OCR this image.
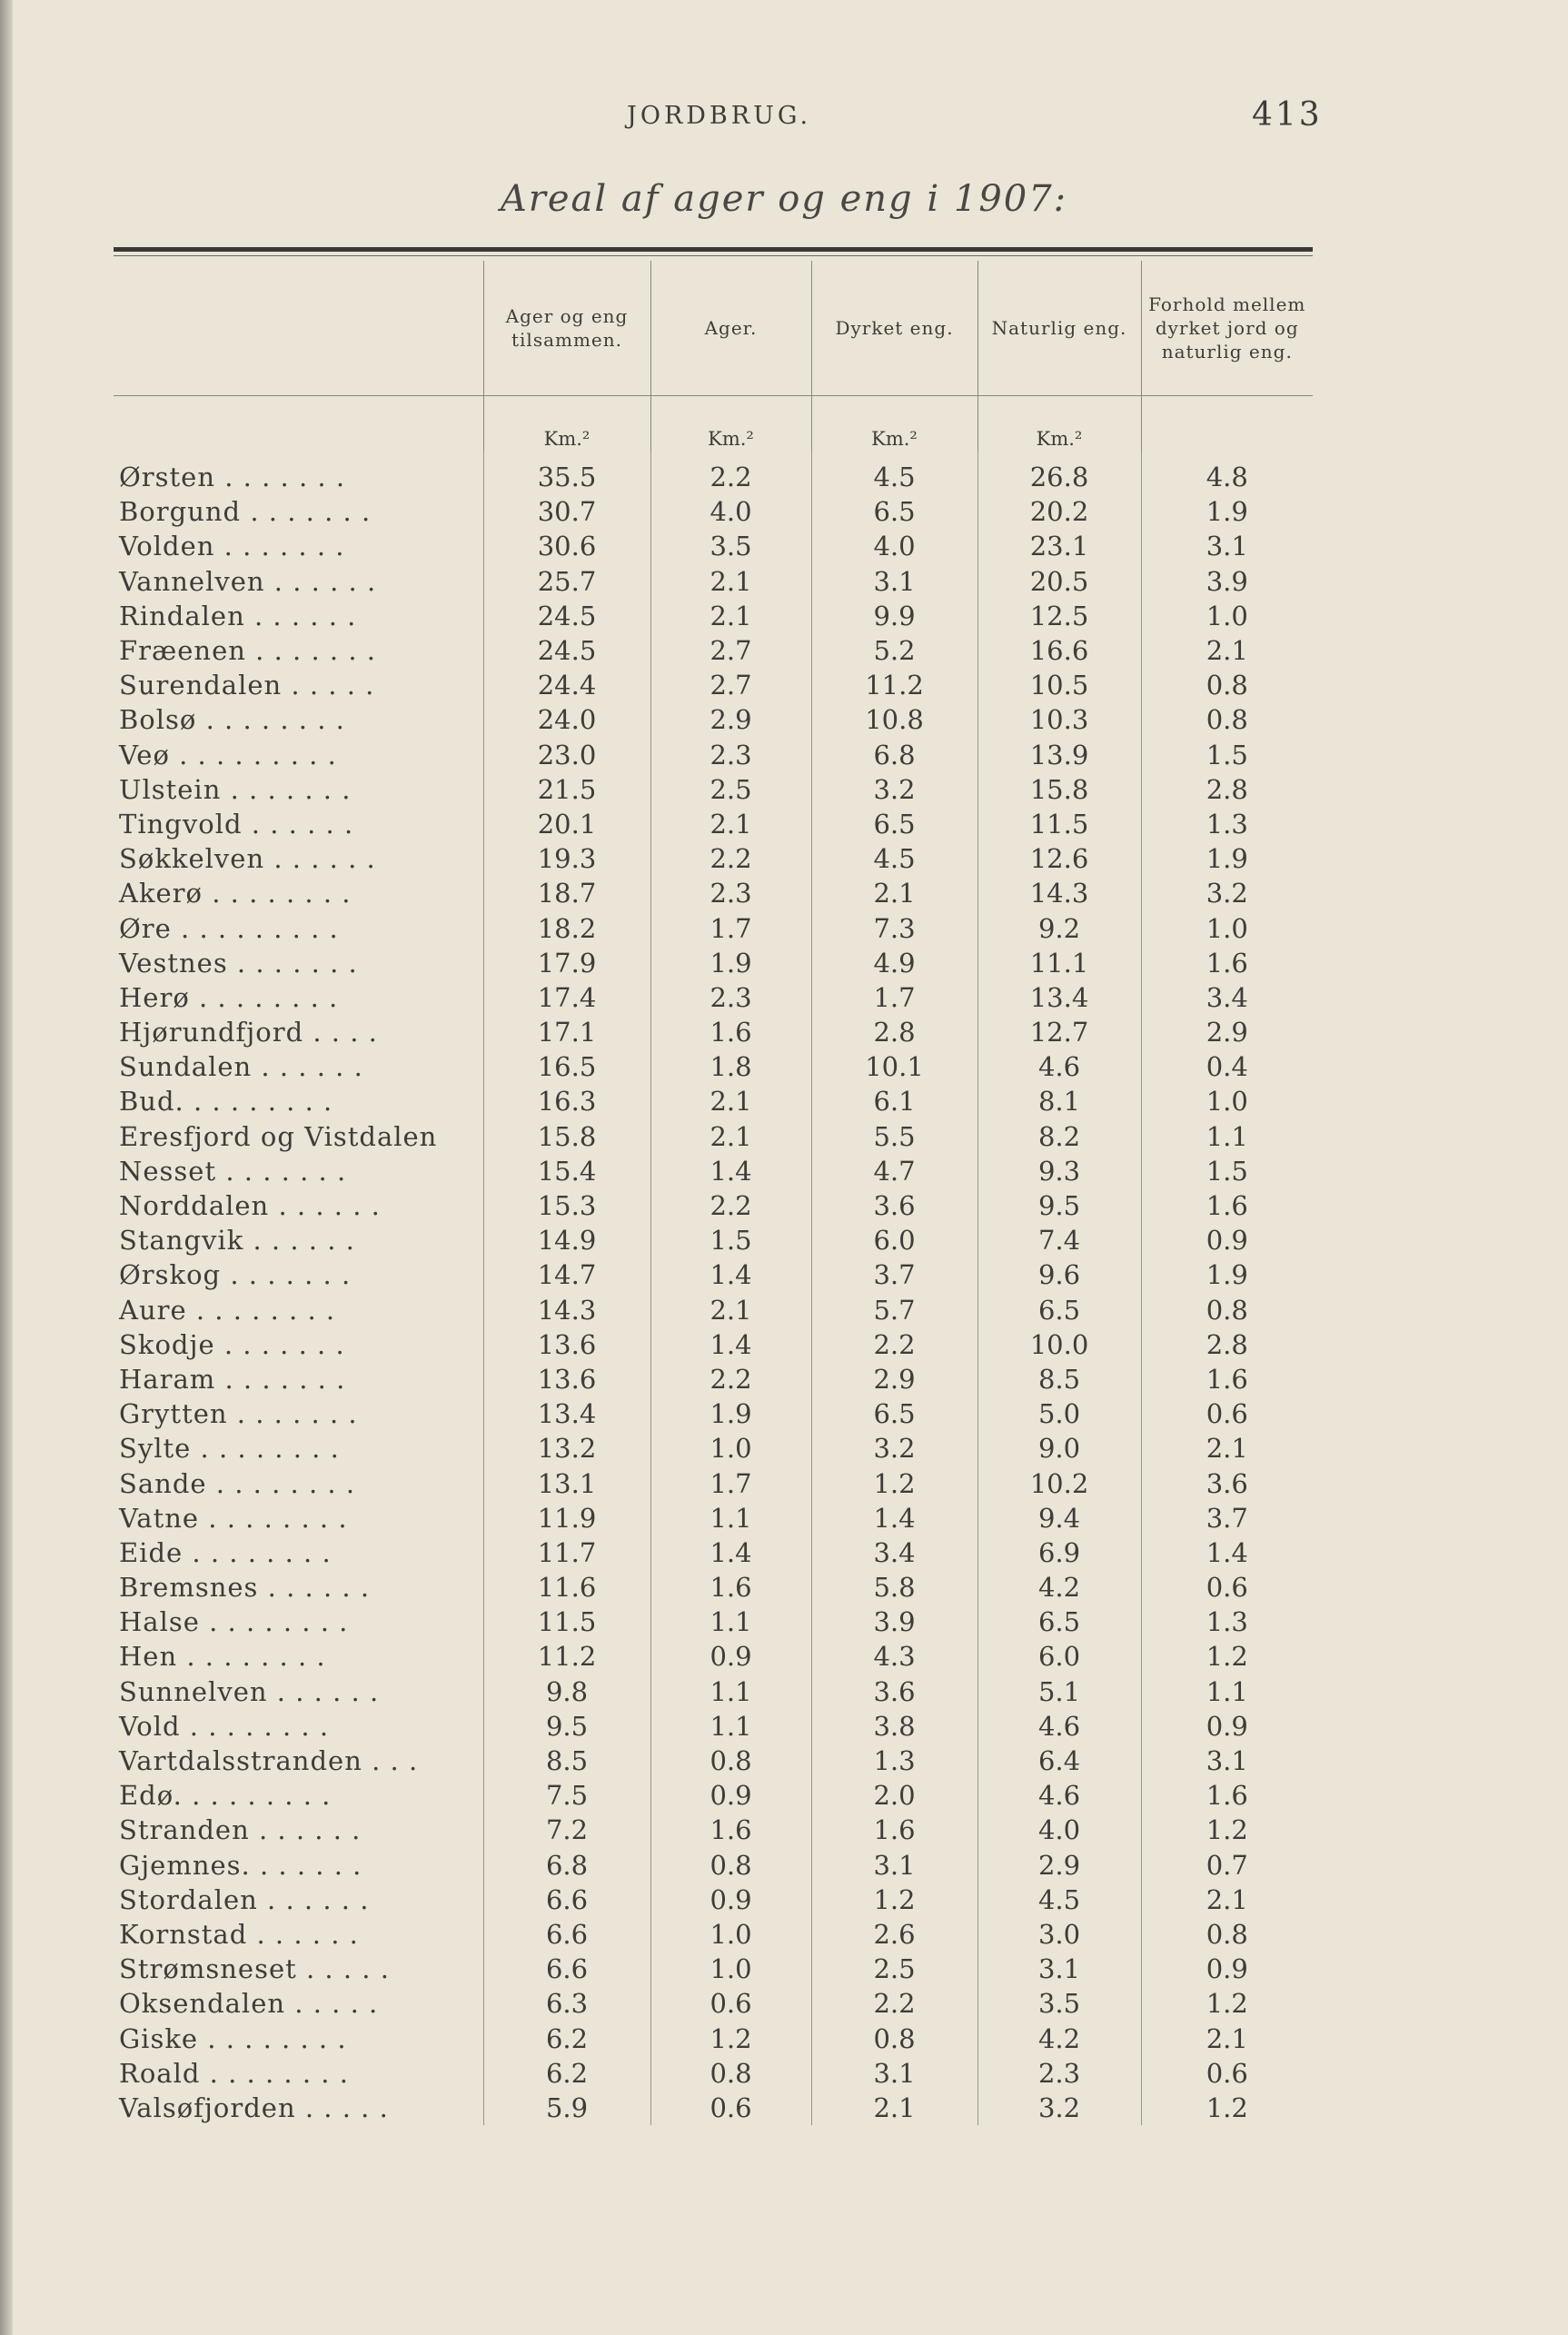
JORDBRUG.	413
Areal af ager og eng i 1907:
	Ager og eng tilsammen.	Ager.	Dyrket eng.	Naturlig eng.	Forhold mellem dyrket jord og naturlig eng.
	Km.²	Km.²	Km.²	Km.²	

Ørsten . . . . . . .	35.5	2.2	4.5	26.8	4.8
Borgund . . . . . . .	30.7	4.0	6.5	20.2	1.9
Volden . . . . . . .	30.6	3.5	4.0	23.1	3.1
Vannelven . . . . . .	25.7	2.1	3.1	20.5	3.9
Rindalen . . . . . .	24.5	2.1	9.9	12.5	1.0
Fræenen . . . . . . .	24.5	2.7	5.2	16.6	2.1
Surendalen . . . . .	24.4	2.7	11.2	10.5	0.8
Bolsø . . . . . . . .	24.0	2.9	10.8	10.3	0.8
Veø . . . . . . . . .	23.0	2.3	6.8	13.9	1.5
Ulstein . . . . . . .	21.5	2.5	3.2	15.8	2.8
Tingvold . . . . . .	20.1	2.1	6.5	11.5	1.3
Søkkelven . . . . . .	19.3	2.2	4.5	12.6	1.9
Akerø . . . . . . . .	18.7	2.3	2.1	14.3	3.2
Øre . . . . . . . . .	18.2	1.7	7.3	9.2	1.0
Vestnes . . . . . . .	17.9	1.9	4.9	11.1	1.6
Herø . . . . . . . .	17.4	2.3	1.7	13.4	3.4
Hjørundfjord . . . .	17.1	1.6	2.8	12.7	2.9
Sundalen . . . . . .	16.5	1.8	10.1	4.6	0.4
Bud. . . . . . . . .	16.3	2.1	6.1	8.1	1.0
Eresfjord og Vistdalen	15.8	2.1	5.5	8.2	1.1
Nesset . . . . . . .	15.4	1.4	4.7	9.3	1.5
Norddalen . . . . . .	15.3	2.2	3.6	9.5	1.6
Stangvik . . . . . .	14.9	1.5	6.0	7.4	0.9
Ørskog . . . . . . .	14.7	1.4	3.7	9.6	1.9
Aure . . . . . . . .	14.3	2.1	5.7	6.5	0.8
Skodje . . . . . . .	13.6	1.4	2.2	10.0	2.8
Haram . . . . . . .	13.6	2.2	2.9	8.5	1.6
Grytten . . . . . . .	13.4	1.9	6.5	5.0	0.6
Sylte . . . . . . . .	13.2	1.0	3.2	9.0	2.1
Sande . . . . . . . .	13.1	1.7	1.2	10.2	3.6
Vatne . . . . . . . .	11.9	1.1	1.4	9.4	3.7
Eide . . . . . . . .	11.7	1.4	3.4	6.9	1.4
Bremsnes . . . . . .	11.6	1.6	5.8	4.2	0.6
Halse . . . . . . . .	11.5	1.1	3.9	6.5	1.3
Hen . . . . . . . .	11.2	0.9	4.3	6.0	1.2
Sunnelven . . . . . .	9.8	1.1	3.6	5.1	1.1
Vold . . . . . . . .	9.5	1.1	3.8	4.6	0.9
Vartdalsstranden . . .	8.5	0.8	1.3	6.4	3.1
Edø. . . . . . . . .	7.5	0.9	2.0	4.6	1.6
Stranden . . . . . .	7.2	1.6	1.6	4.0	1.2
Gjemnes. . . . . . .	6.8	0.8	3.1	2.9	0.7
Stordalen . . . . . .	6.6	0.9	1.2	4.5	2.1
Kornstad . . . . . .	6.6	1.0	2.6	3.0	0.8
Strømsneset . . . . .	6.6	1.0	2.5	3.1	0.9
Oksendalen . . . . .	6.3	0.6	2.2	3.5	1.2
Giske . . . . . . . .	6.2	1.2	0.8	4.2	2.1
Roald . . . . . . . .	6.2	0.8	3.1	2.3	0.6
Valsøfjorden . . . . .	5.9	0.6	2.1	3.2	1.2
